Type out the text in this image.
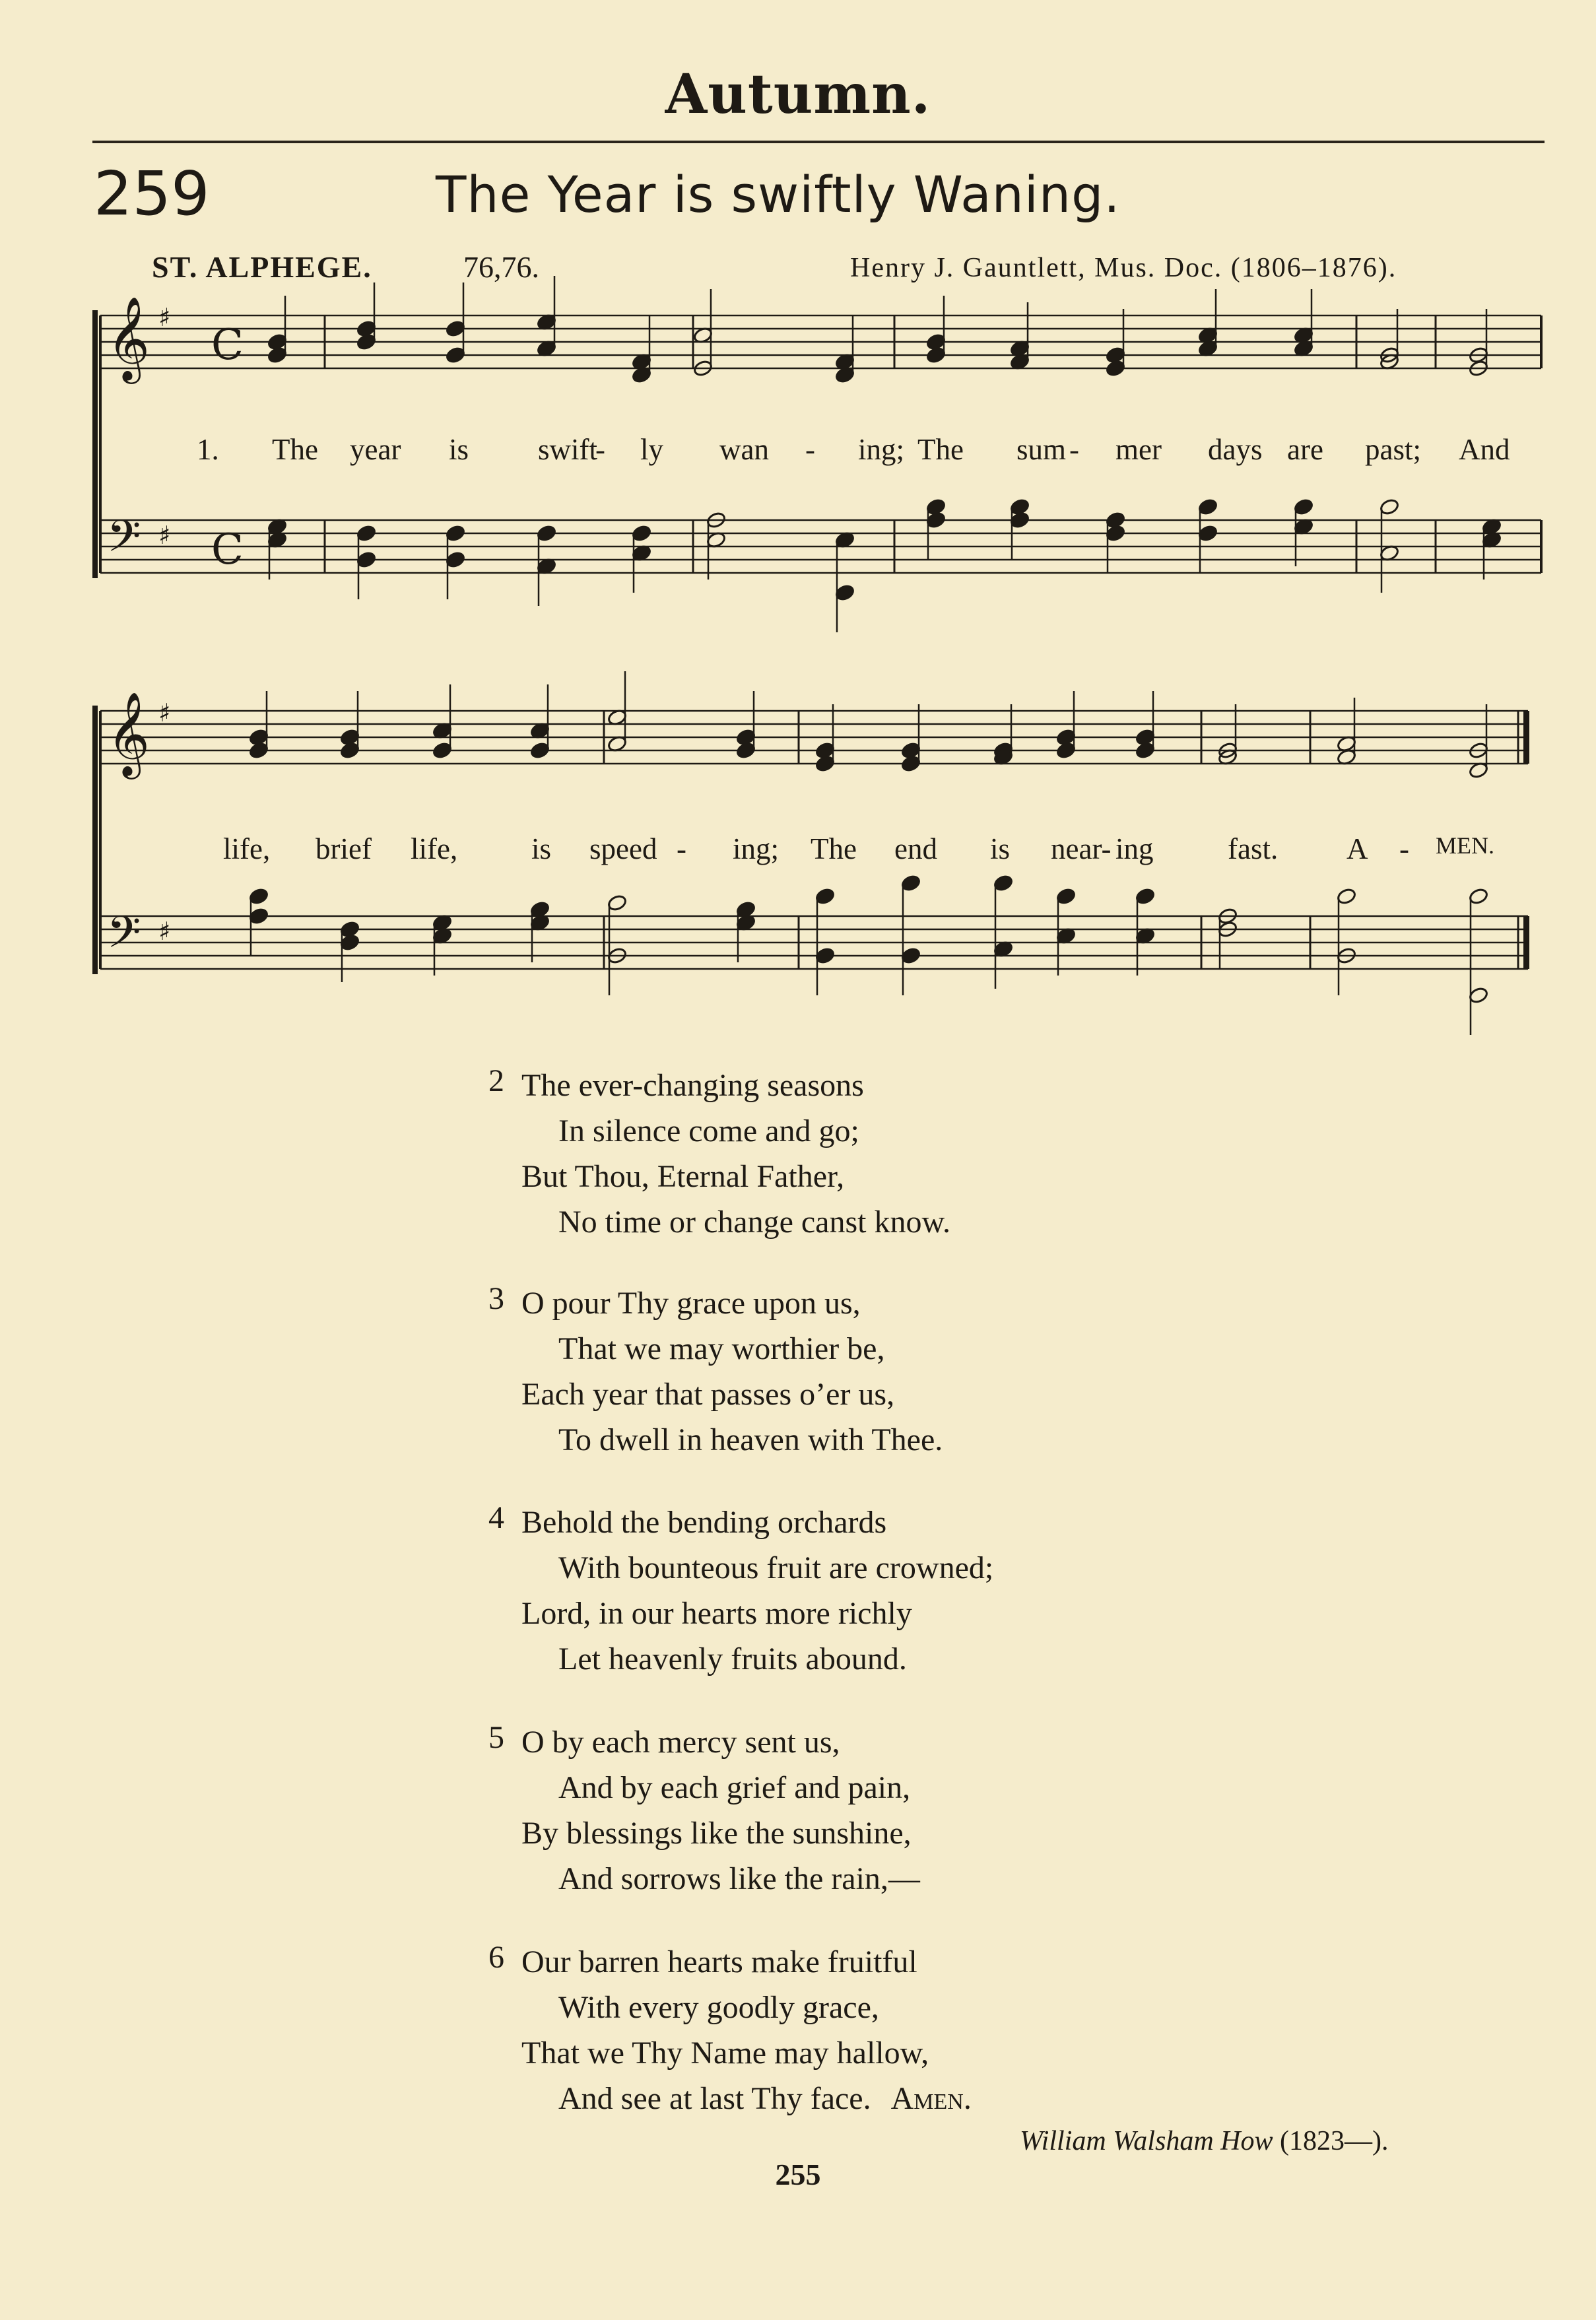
Autumn.
259	The Year is swiftly Waning.
ST. ALPHEGE.	76,76.	Henry J. Gauntlett, Mus. Doc. (1806–1876).
𝄞 ♯
𝄢 ♯
𝄞 ♯
𝄢 ♯
C
C
1. The year is swift
- ly wan - ing; The sum - mer days are past; And
life, brief life, is speed - ing; The end is near- ing fast. A - MEN.
2 The ever-changing seasons
In silence come and go;
But Thou, Eternal Father,
No time or change canst know.
3 O pour Thy grace upon us,
That we may worthier be,
Each year that passes o’er us,
To dwell in heaven with Thee.
4 Behold the bending orchards
With bounteous fruit are crowned;
Lord, in our hearts more richly
Let heavenly fruits abound.
5 O by each mercy sent us,
And by each grief and pain,
By blessings like the sunshine,
And sorrows like the rain,—
6 Our barren hearts make fruitful
With every goodly grace,
That we Thy Name may hallow,
And see at last Thy face. Amen.
William Walsham How (1823—).
255
